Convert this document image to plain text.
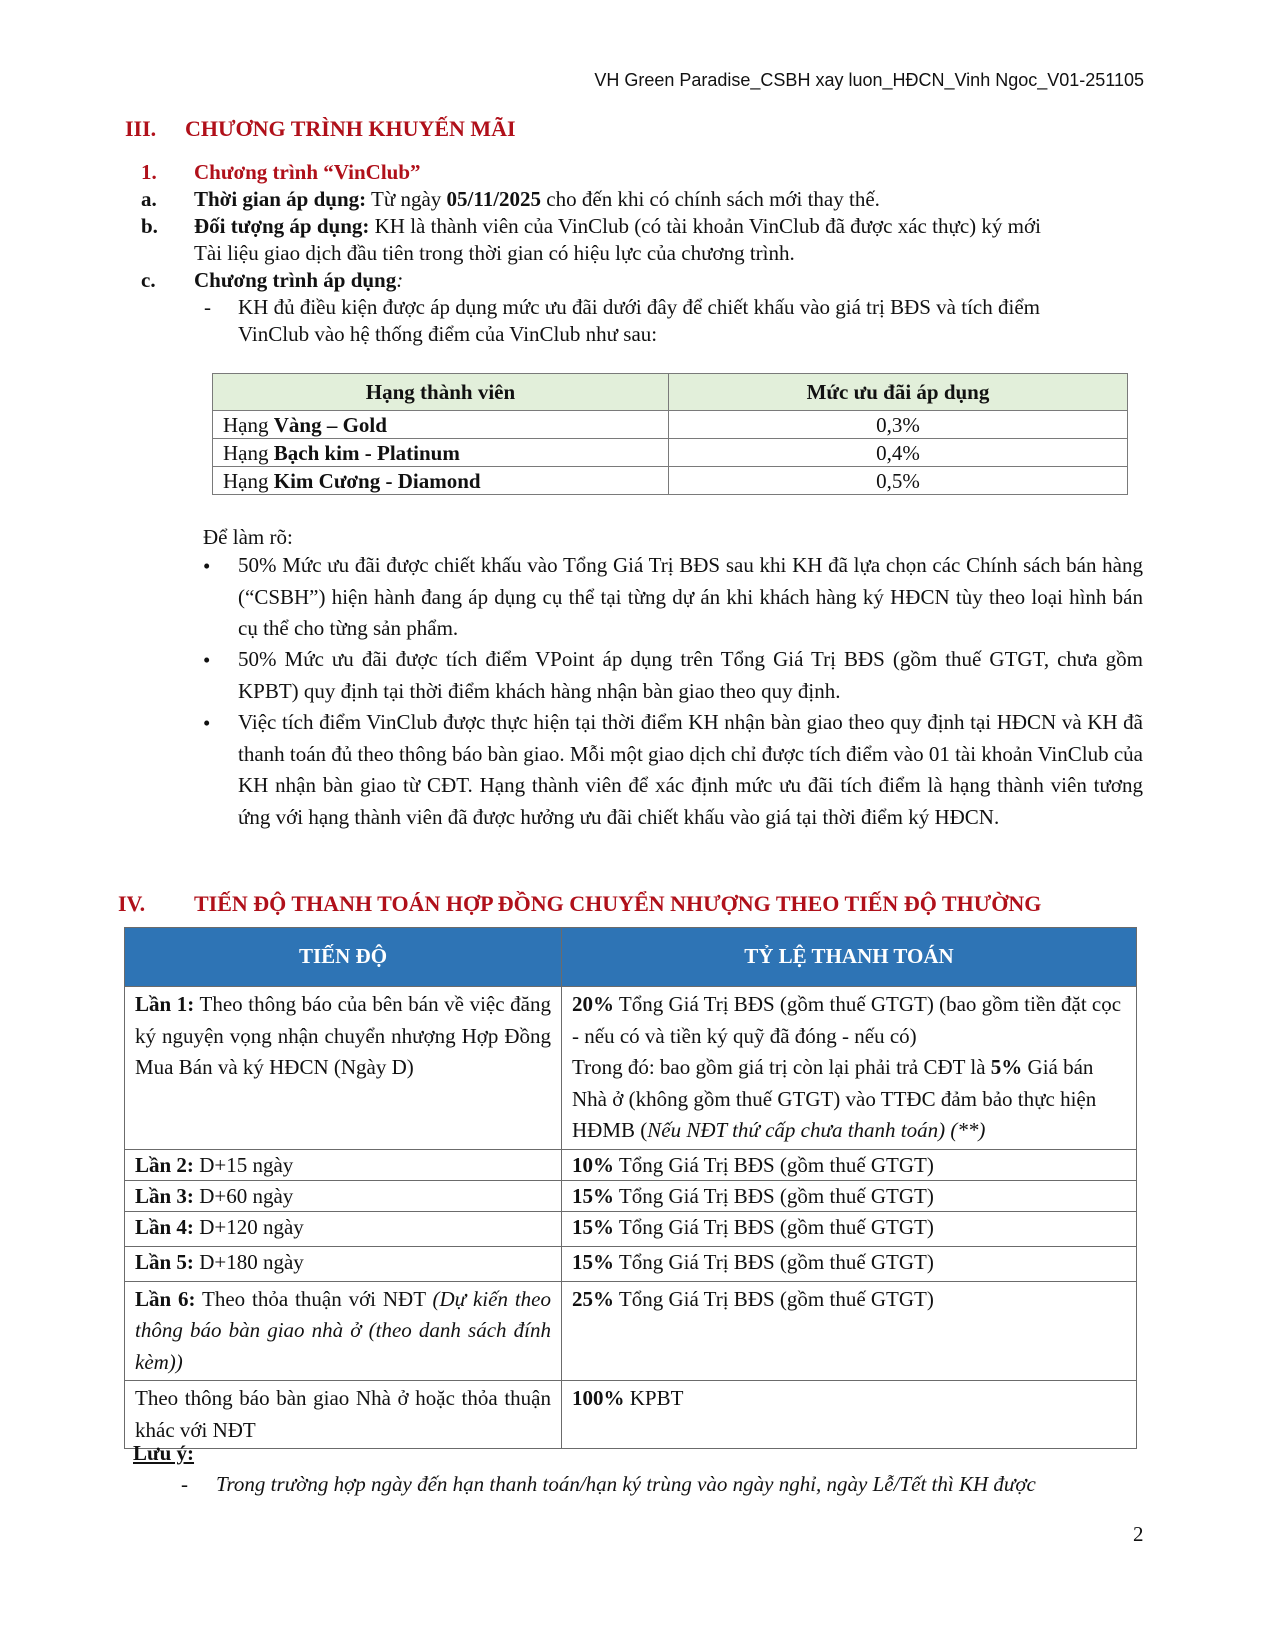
VH Green Paradise_CSBH xay luon_HĐCN_Vinh Ngoc_V01-251105
III. CHƯƠNG TRÌNH KHUYẾN MÃI
1. Chương trình “VinClub”
a. Thời gian áp dụng: Từ ngày 05/11/2025 cho đến khi có chính sách mới thay thế.
b. Đối tượng áp dụng: KH là thành viên của VinClub (có tài khoản VinClub đã được xác thực) ký mới
Tài liệu giao dịch đầu tiên trong thời gian có hiệu lực của chương trình.
c. Chương trình áp dụng:
- KH đủ điều kiện được áp dụng mức ưu đãi dưới đây để chiết khấu vào giá trị BĐS và tích điểm
VinClub vào hệ thống điểm của VinClub như sau:
Hạng thành viên	Mức ưu đãi áp dụng
Hạng Vàng – Gold	0,3%
Hạng Bạch kim - Platinum	0,4%
Hạng Kim Cương - Diamond	0,5%
Để làm rõ:
• 50% Mức ưu đãi được chiết khấu vào Tổng Giá Trị BĐS sau khi KH đã lựa chọn các Chính sách bán hàng (“CSBH”) hiện hành đang áp dụng cụ thể tại từng dự án khi khách hàng ký HĐCN tùy theo loại hình bán cụ thể cho từng sản phẩm.
• 50% Mức ưu đãi được tích điểm VPoint áp dụng trên Tổng Giá Trị BĐS (gồm thuế GTGT, chưa gồm KPBT) quy định tại thời điểm khách hàng nhận bàn giao theo quy định.
• Việc tích điểm VinClub được thực hiện tại thời điểm KH nhận bàn giao theo quy định tại HĐCN và KH đã thanh toán đủ theo thông báo bàn giao. Mỗi một giao dịch chỉ được tích điểm vào 01 tài khoản VinClub của KH nhận bàn giao từ CĐT. Hạng thành viên để xác định mức ưu đãi tích điểm là hạng thành viên tương ứng với hạng thành viên đã được hưởng ưu đãi chiết khấu vào giá tại thời điểm ký HĐCN.
IV. TIẾN ĐỘ THANH TOÁN HỢP ĐỒNG CHUYỂN NHƯỢNG THEO TIẾN ĐỘ THƯỜNG
TIẾN ĐỘ	TỶ LỆ THANH TOÁN
Lần 1: Theo thông báo của bên bán về việc đăng ký nguyện vọng nhận chuyển nhượng Hợp Đồng Mua Bán và ký HĐCN (Ngày D)	20% Tổng Giá Trị BĐS (gồm thuế GTGT) (bao gồm tiền đặt cọc - nếu có và tiền ký quỹ đã đóng - nếu có)
Trong đó: bao gồm giá trị còn lại phải trả CĐT là 5% Giá bán Nhà ở (không gồm thuế GTGT) vào TTĐC đảm bảo thực hiện HĐMB (Nếu NĐT thứ cấp chưa thanh toán) (**)

Lần 2: D+15 ngày	10% Tổng Giá Trị BĐS (gồm thuế GTGT)
Lần 3: D+60 ngày	15% Tổng Giá Trị BĐS (gồm thuế GTGT)
Lần 4: D+120 ngày	15% Tổng Giá Trị BĐS (gồm thuế GTGT)
Lần 5: D+180 ngày	15% Tổng Giá Trị BĐS (gồm thuế GTGT)
Lần 6: Theo thỏa thuận với NĐT (Dự kiến theo thông báo bàn giao nhà ở (theo danh sách đính kèm))	25% Tổng Giá Trị BĐS (gồm thuế GTGT)
Theo thông báo bàn giao Nhà ở hoặc thỏa thuận khác với NĐT	100% KPBT
Lưu ý:
- Trong trường hợp ngày đến hạn thanh toán/hạn ký trùng vào ngày nghỉ, ngày Lễ/Tết thì KH được
2
